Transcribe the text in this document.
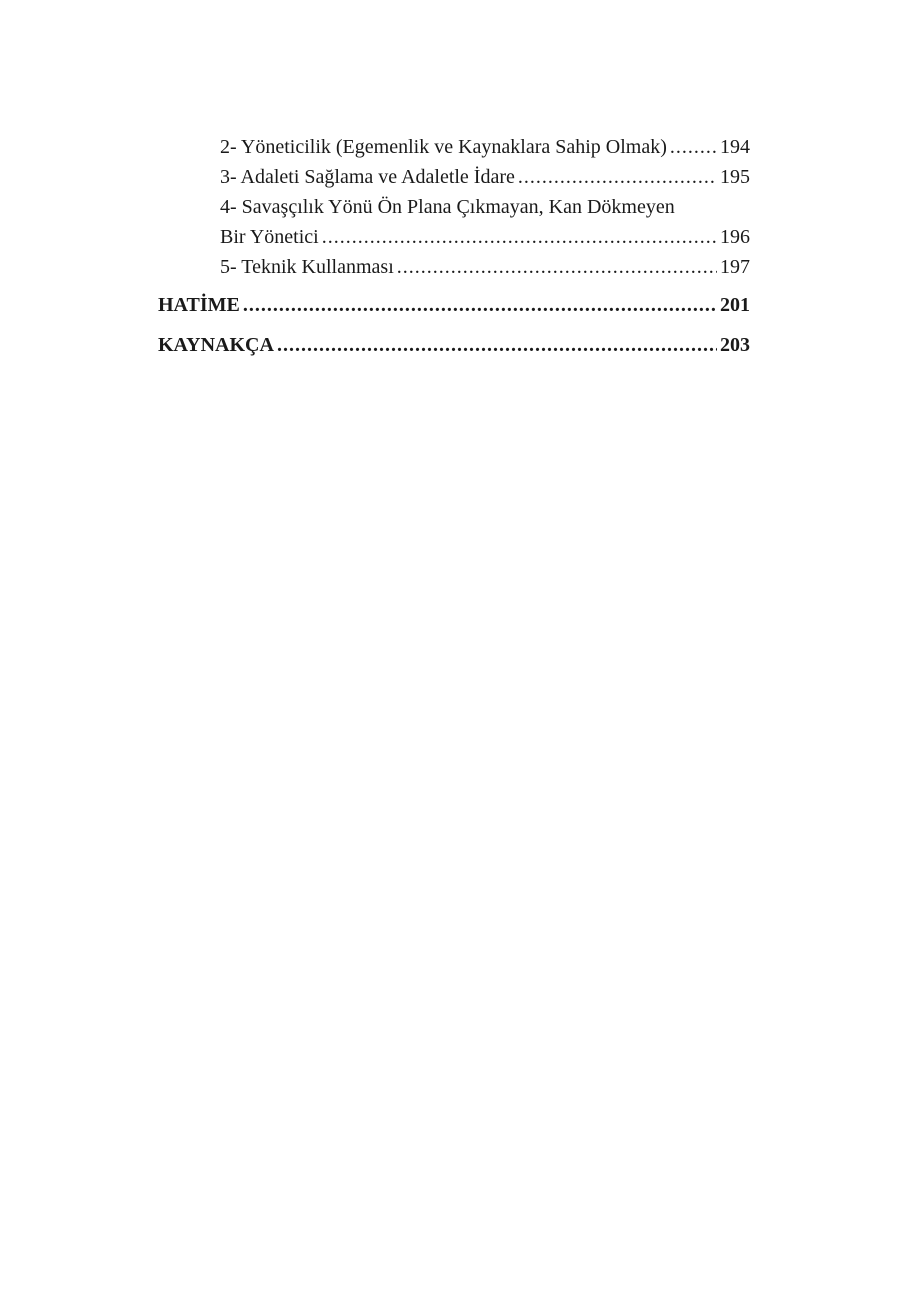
2- Yöneticilik (Egemenlik ve Kaynaklara Sahip Olmak) .....	194
3- Adaleti Sağlama ve Adaletle İdare .....	195
4- Savaşçılık Yönü Ön Plana Çıkmayan, Kan Dökmeyen
Bir Yönetici .....	196
5- Teknik Kullanması .....	197
HATİME .....	201
KAYNAKÇA .....	203
